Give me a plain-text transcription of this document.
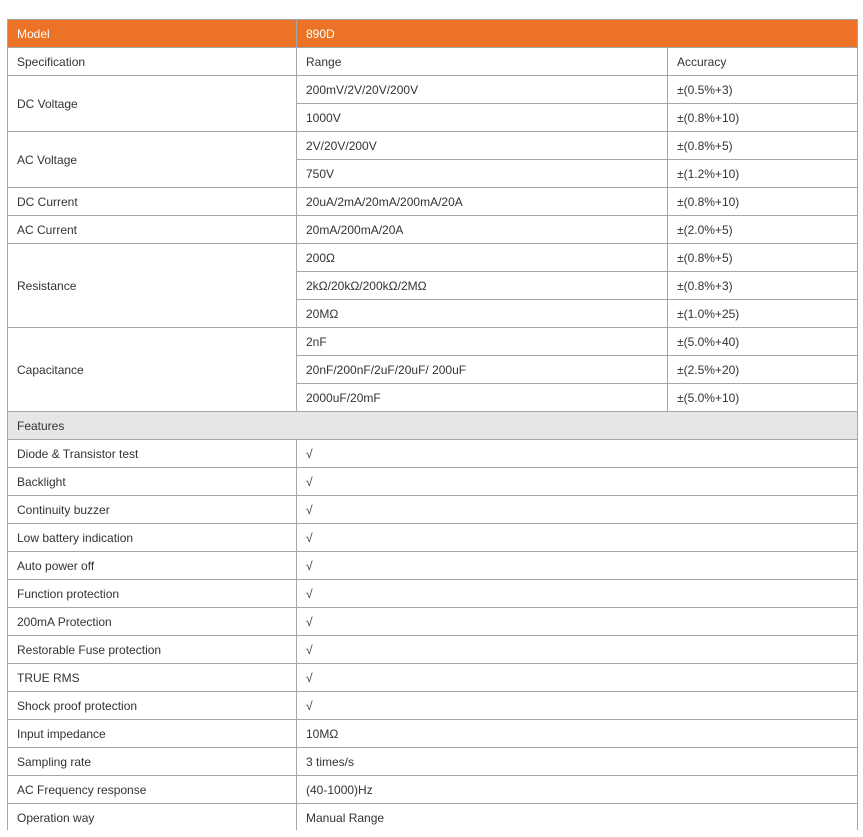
Model	890D	
Specification	Range	Accuracy
DC Voltage	200mV/2V/20V/200V	±(0.5%+3)
	1000V	±(0.8%+10)
AC Voltage	2V/20V/200V	±(0.8%+5)
	750V	±(1.2%+10)
DC Current	20uA/2mA/20mA/200mA/20A	±(0.8%+10)
AC Current	20mA/200mA/20A	±(2.0%+5)
Resistance	200Ω	±(0.8%+5)
	2kΩ/20kΩ/200kΩ/2MΩ	±(0.8%+3)
	20MΩ	±(1.0%+25)
Capacitance	2nF	±(5.0%+40)
	20nF/200nF/2uF/20uF/ 200uF	±(2.5%+20)
	2000uF/20mF	±(5.0%+10)
Features		
Diode & Transistor test	√	
Backlight	√	
Continuity buzzer	√	
Low battery indication	√	
Auto power off	√	
Function protection	√	
200mA Protection	√	
Restorable Fuse protection	√	
TRUE RMS	√	
Shock proof protection	√	
Input impedance	10MΩ	
Sampling rate	3 times/s	
AC Frequency response	(40-1000)Hz	
Operation way	Manual Range	
